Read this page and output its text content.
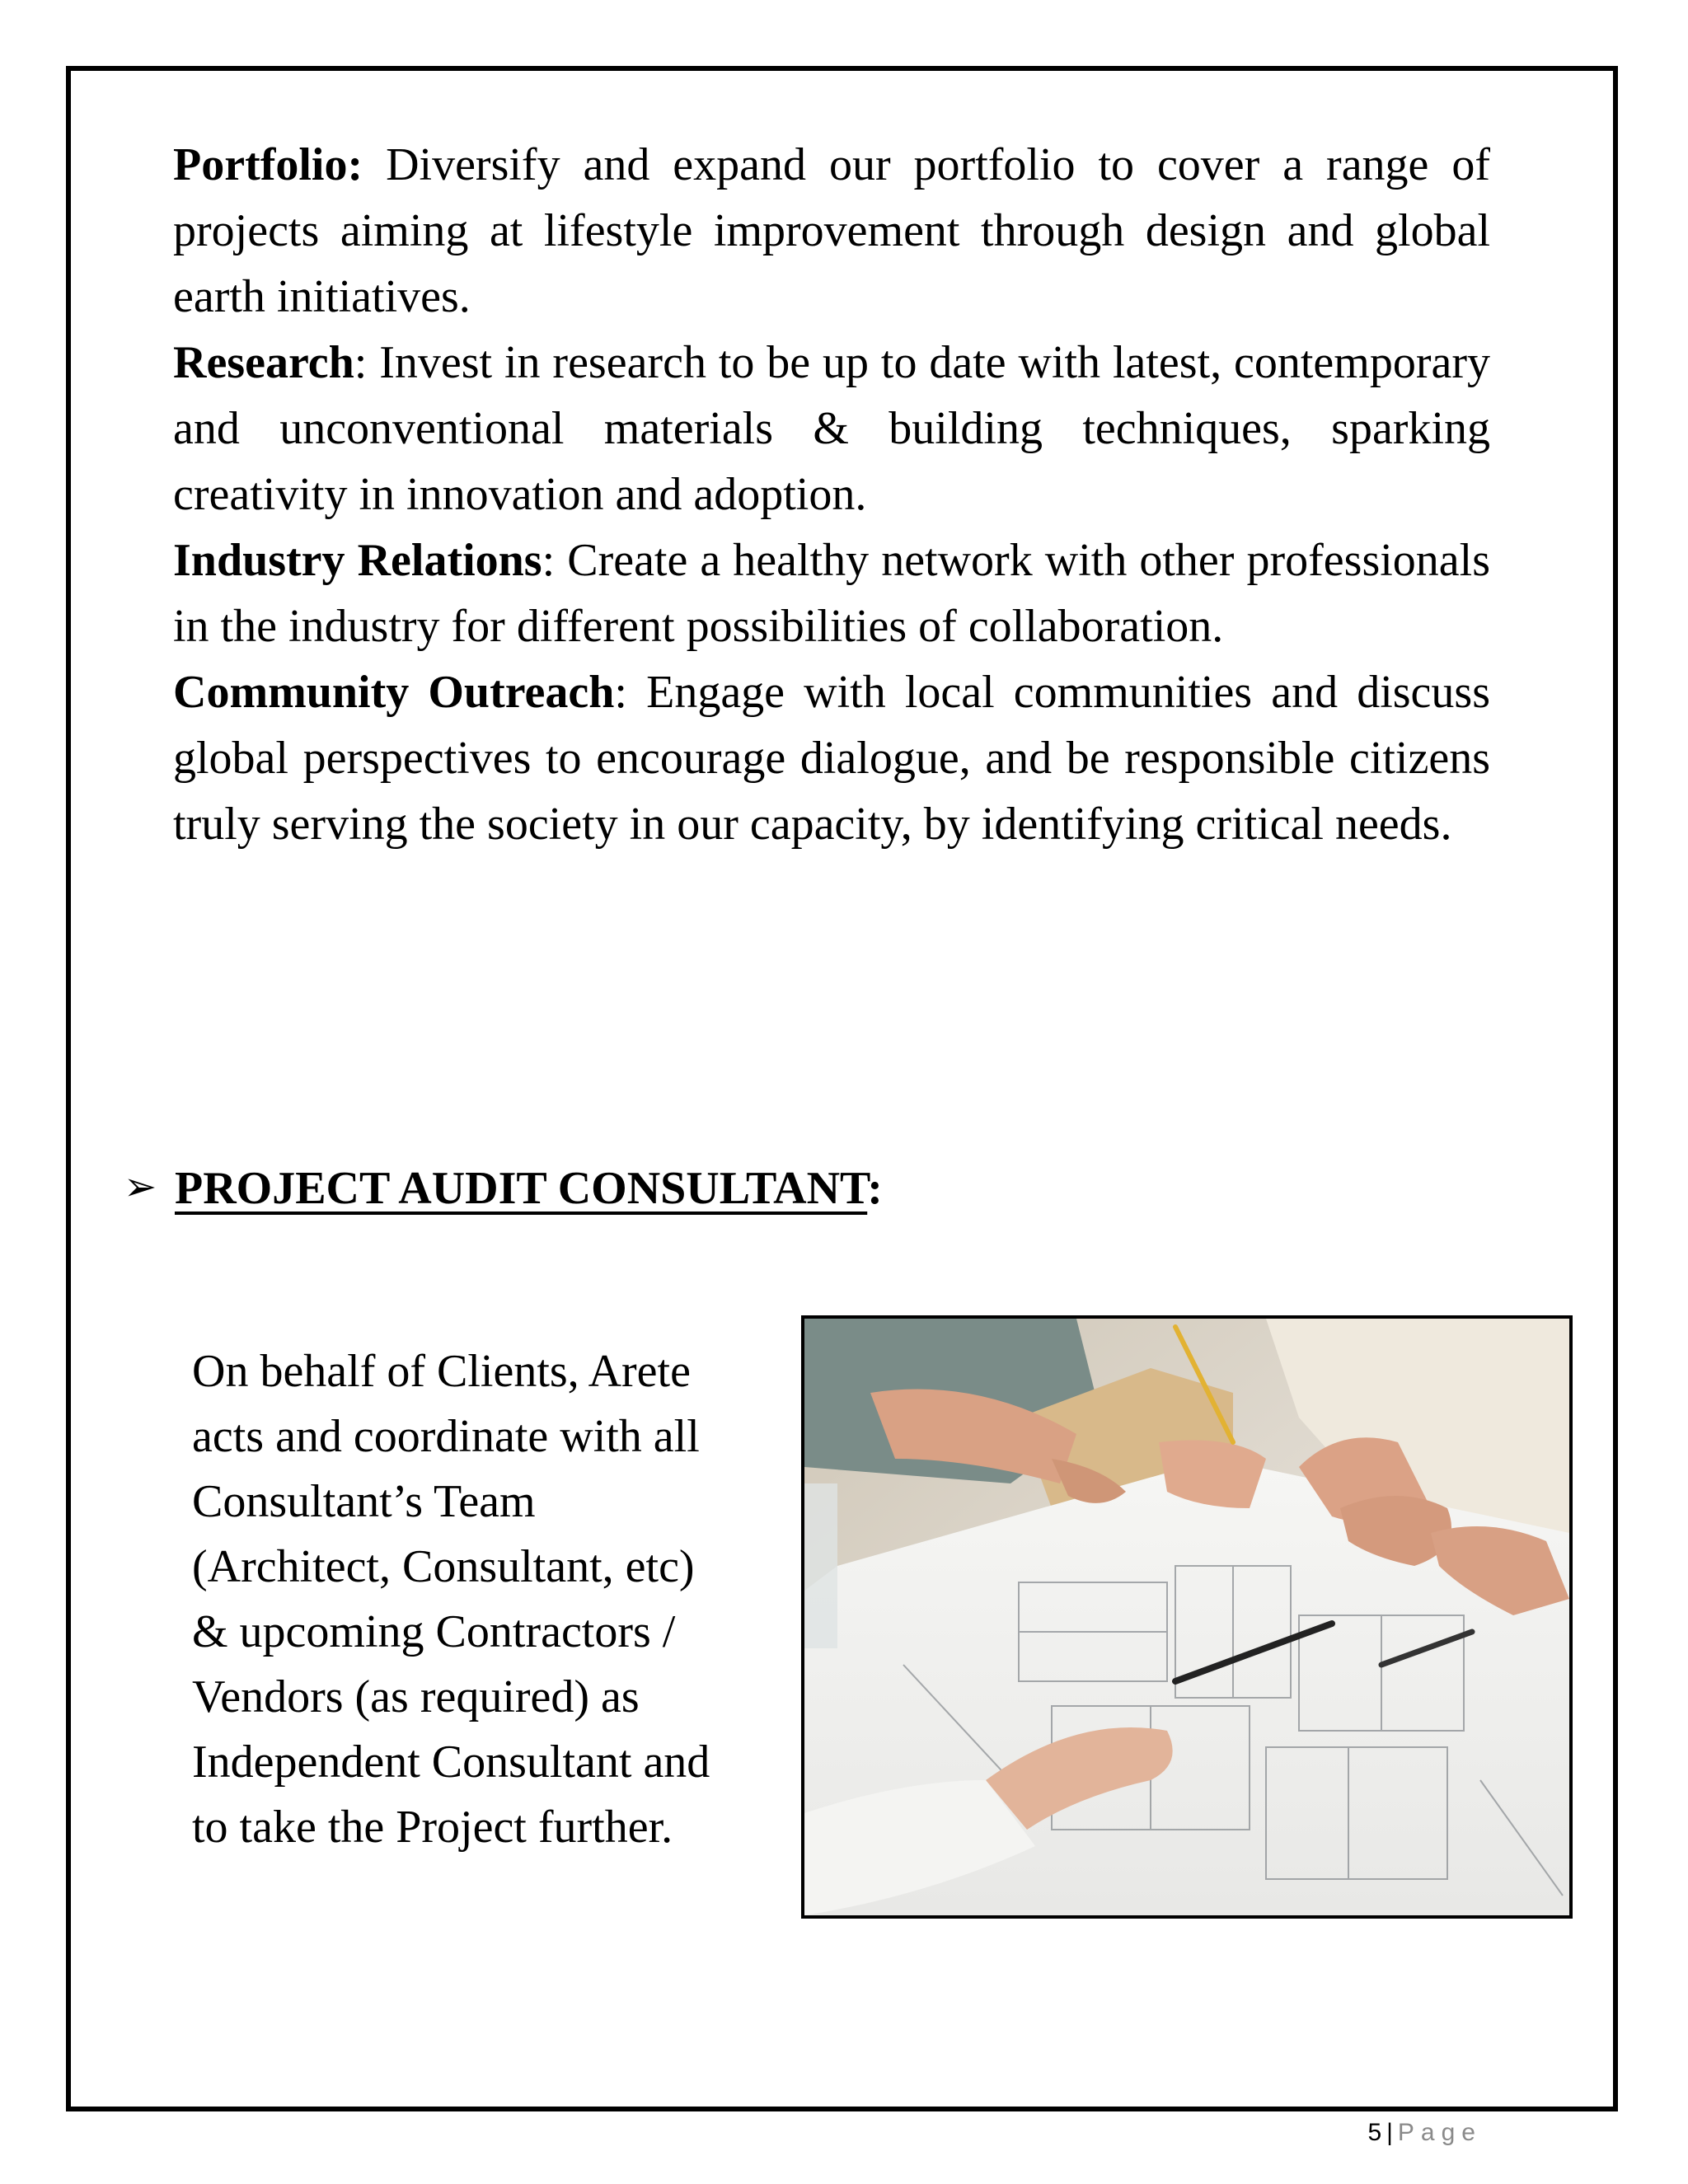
Portfolio: Diversify and expand our portfolio to cover a range of projects aiming at lifestyle improvement through design and global earth initiatives.

Research: Invest in research to be up to date with latest, contemporary and unconventional materials & building techniques, sparking creativity in innovation and adoption.

Industry Relations: Create a healthy network with other professionals in the industry for different possibilities of collaboration.

Community Outreach: Engage with local communities and discuss global perspectives to encourage dialogue, and be responsible citizens truly serving the society in our capacity, by identifying critical needs.

➢ PROJECT AUDIT CONSULTANT:

On behalf of Clients, Arete
acts and coordinate with all
Consultant’s Team
(Architect, Consultant, etc)
& upcoming Contractors /
Vendors (as required) as
Independent Consultant and
to take the Project further.

5 | Page
